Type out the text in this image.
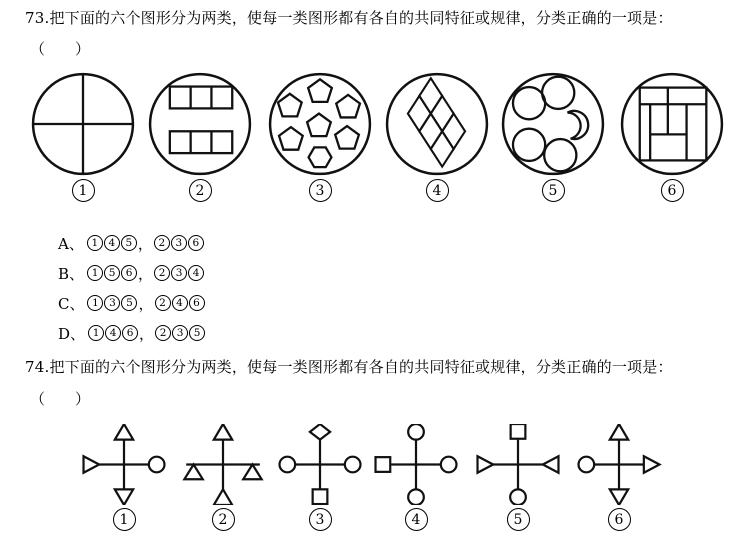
73.把下面的六个图形分为两类，使每一类图形都有各自的共同特征或规律，分类正确的一项是：
（　　）
1	2	3	4	5	6
A、 1 4 5 ， 2 3 6
B、 1 5 6 ， 2 3 4
C、 1 3 5 ， 2 4 6
D、 1 4 6 ， 2 3 5
74.把下面的六个图形分为两类，使每一类图形都有各自的共同特征或规律，分类正确的一项是：
（　　）
1	2	3	4	5	6
